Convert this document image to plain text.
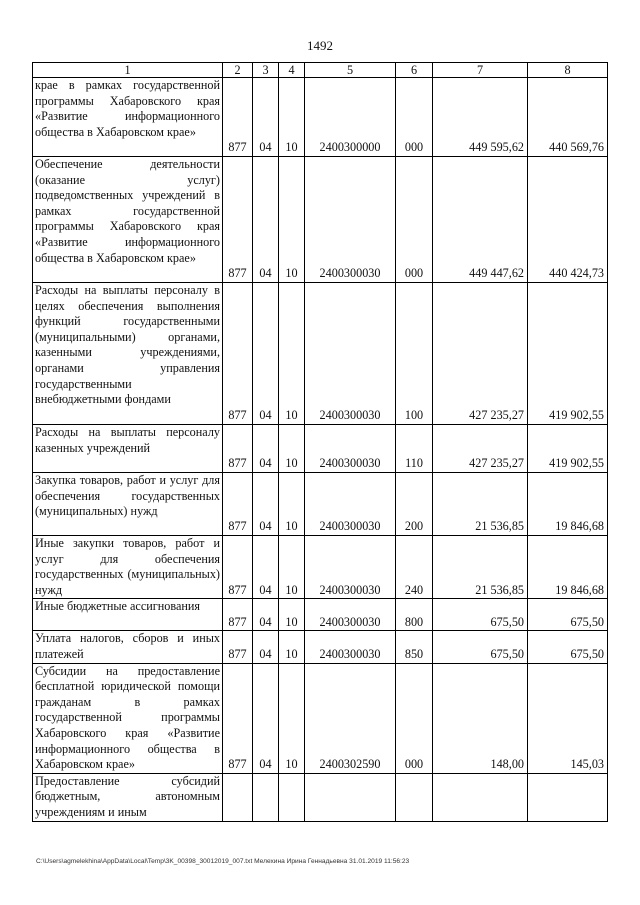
1492
1	2	3	4	5	6	7	8
крае в рамках государственной программы Хабаровского края «Развитие информационного общества в Хабаровском крае»	877	04	10	2400300000	000	449 595,62	440 569,76
Обеспечение деятельности (оказание услуг) подведомственных учреждений в рамках государственной программы Хабаровского края «Развитие информационного общества в Хабаровском крае»	877	04	10	2400300030	000	449 447,62	440 424,73
Расходы на выплаты персоналу в целях обеспечения выполнения функций государственными (муниципальными) органами, казенными учреждениями, органами управления государственными внебюджетными фондами	877	04	10	2400300030	100	427 235,27	419 902,55
Расходы на выплаты персоналу казенных учреждений	877	04	10	2400300030	110	427 235,27	419 902,55
Закупка товаров, работ и услуг для обеспечения государственных (муниципальных) нужд	877	04	10	2400300030	200	21 536,85	19 846,68
Иные закупки товаров, работ и услуг для обеспечения государственных (муниципальных) нужд	877	04	10	2400300030	240	21 536,85	19 846,68
Иные бюджетные ассигнования	877	04	10	2400300030	800	675,50	675,50
Уплата налогов, сборов и иных платежей	877	04	10	2400300030	850	675,50	675,50
Субсидии на предоставление бесплатной юридической помощи гражданам в рамках государственной программы Хабаровского края «Развитие информационного общества в Хабаровском крае»	877	04	10	2400302590	000	148,00	145,03
Предоставление субсидий бюджетным, автономным учреждениям и иным							
C:\Users\agmelekhina\AppData\Local\Temp\3K_00398_30012019_007.txt Мелехина Ирина Геннадьевна 31.01.2019 11:56:23
